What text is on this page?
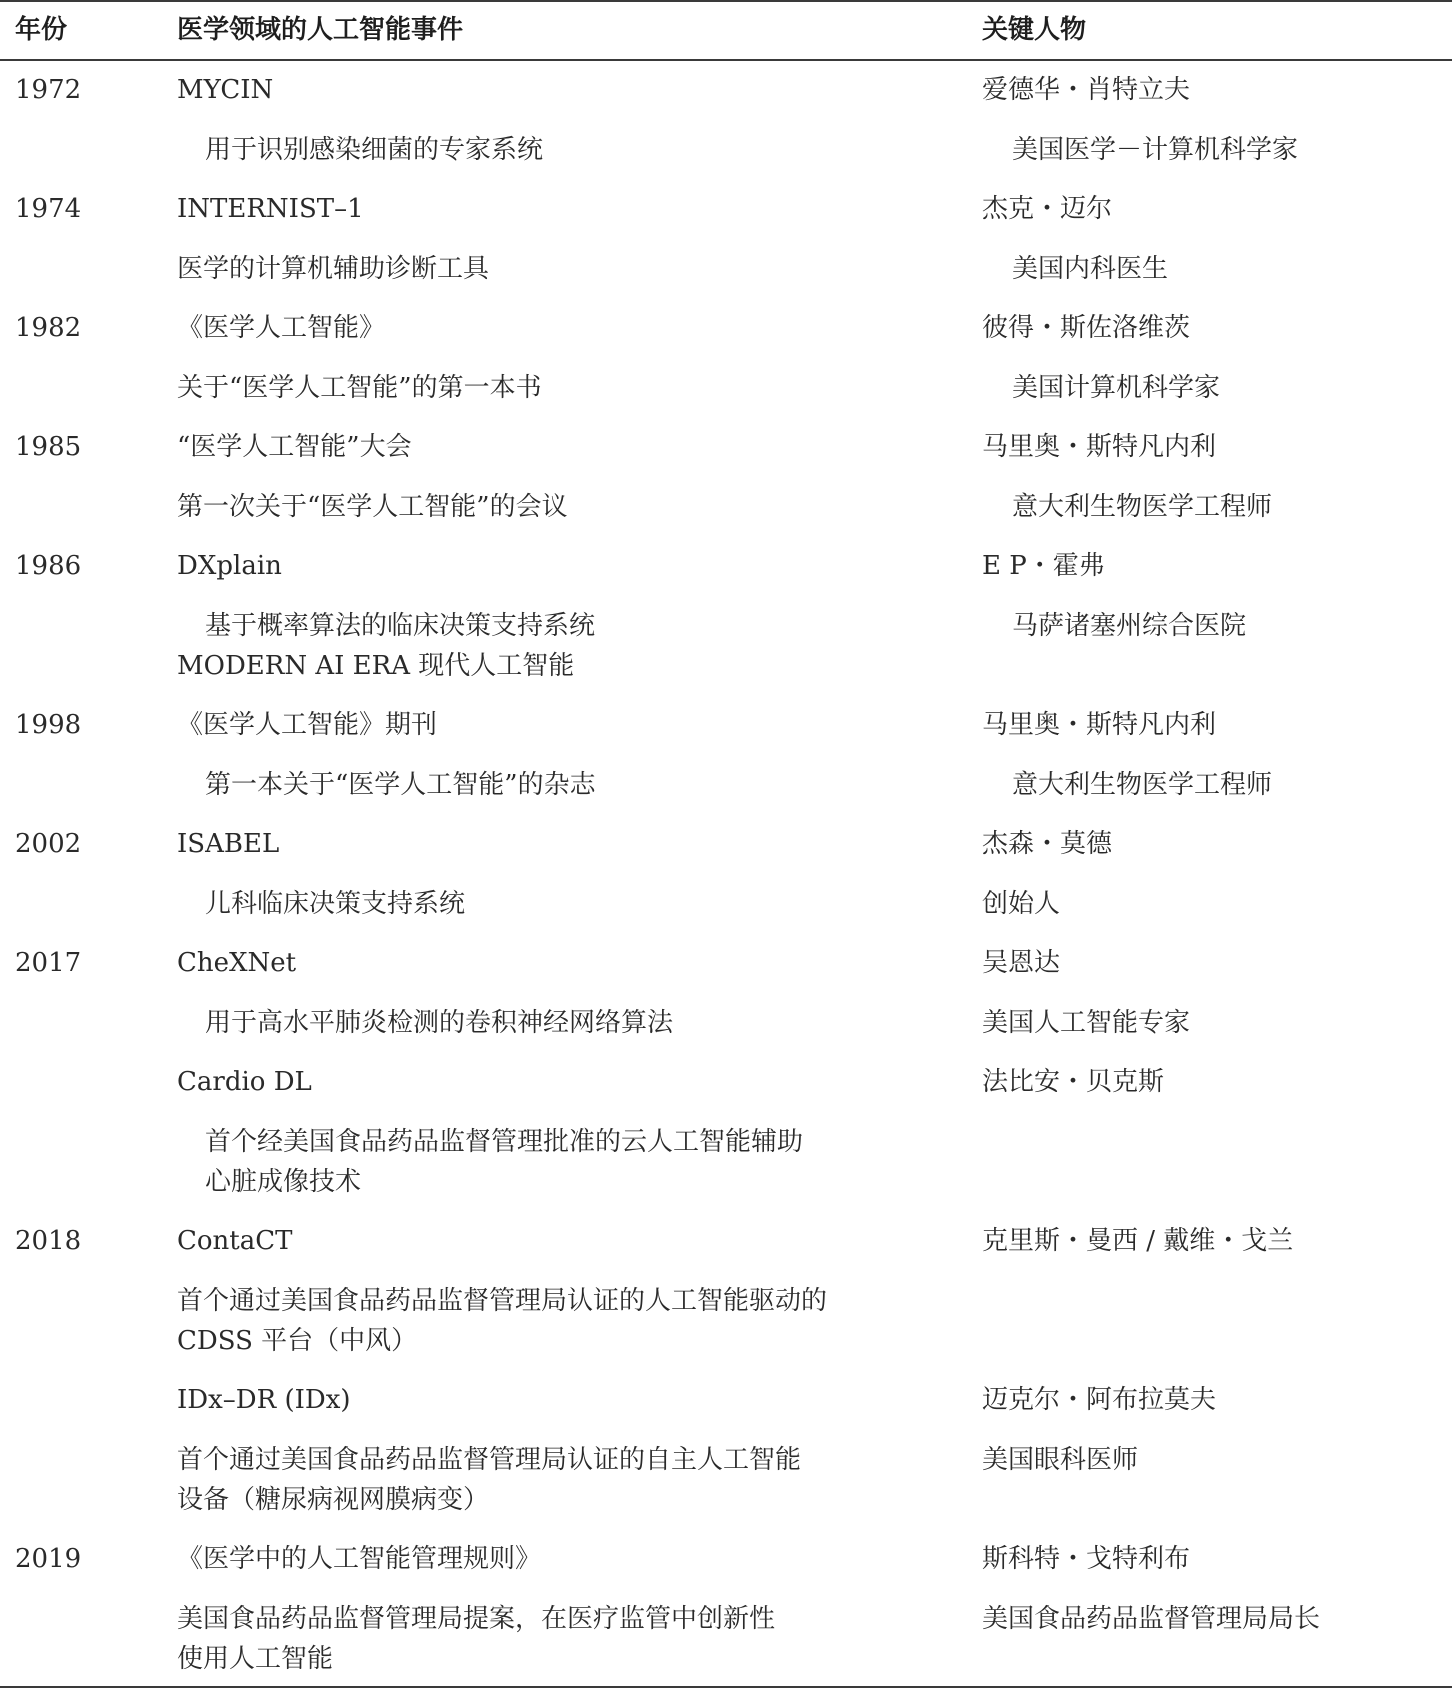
年份	医学领域的人工智能事件	关键人物
1972	MYCIN	爱德华・肖特立夫
用于识别感染细菌的专家系统	美国医学－计算机科学家
1974	INTERNIST–1	杰克・迈尔
医学的计算机辅助诊断工具	美国内科医生
1982	《医学人工智能》	彼得・斯佐洛维茨
关于“医学人工智能”的第一本书	美国计算机科学家
1985	“医学人工智能”大会	马里奥・斯特凡内利
第一次关于“医学人工智能”的会议	意大利生物医学工程师
1986	DXplain	E P・霍弗
基于概率算法的临床决策支持系统	马萨诸塞州综合医院
MODERN AI ERA 现代人工智能
1998	《医学人工智能》期刊	马里奥・斯特凡内利
第一本关于“医学人工智能”的杂志	意大利生物医学工程师
2002	ISABEL	杰森・莫德
儿科临床决策支持系统	创始人
2017	CheXNet	吴恩达
用于高水平肺炎检测的卷积神经网络算法	美国人工智能专家
Cardio DL	法比安・贝克斯
首个经美国食品药品监督管理批准的云人工智能辅助
心脏成像技术
2018	ContaCT	克里斯・曼西 / 戴维・戈兰
首个通过美国食品药品监督管理局认证的人工智能驱动的
CDSS 平台（中风）
IDx–DR (IDx)	迈克尔・阿布拉莫夫
首个通过美国食品药品监督管理局认证的自主人工智能	美国眼科医师
设备（糖尿病视网膜病变）
2019	《医学中的人工智能管理规则》	斯科特・戈特利布
美国食品药品监督管理局提案，在医疗监管中创新性	美国食品药品监督管理局局长
使用人工智能
